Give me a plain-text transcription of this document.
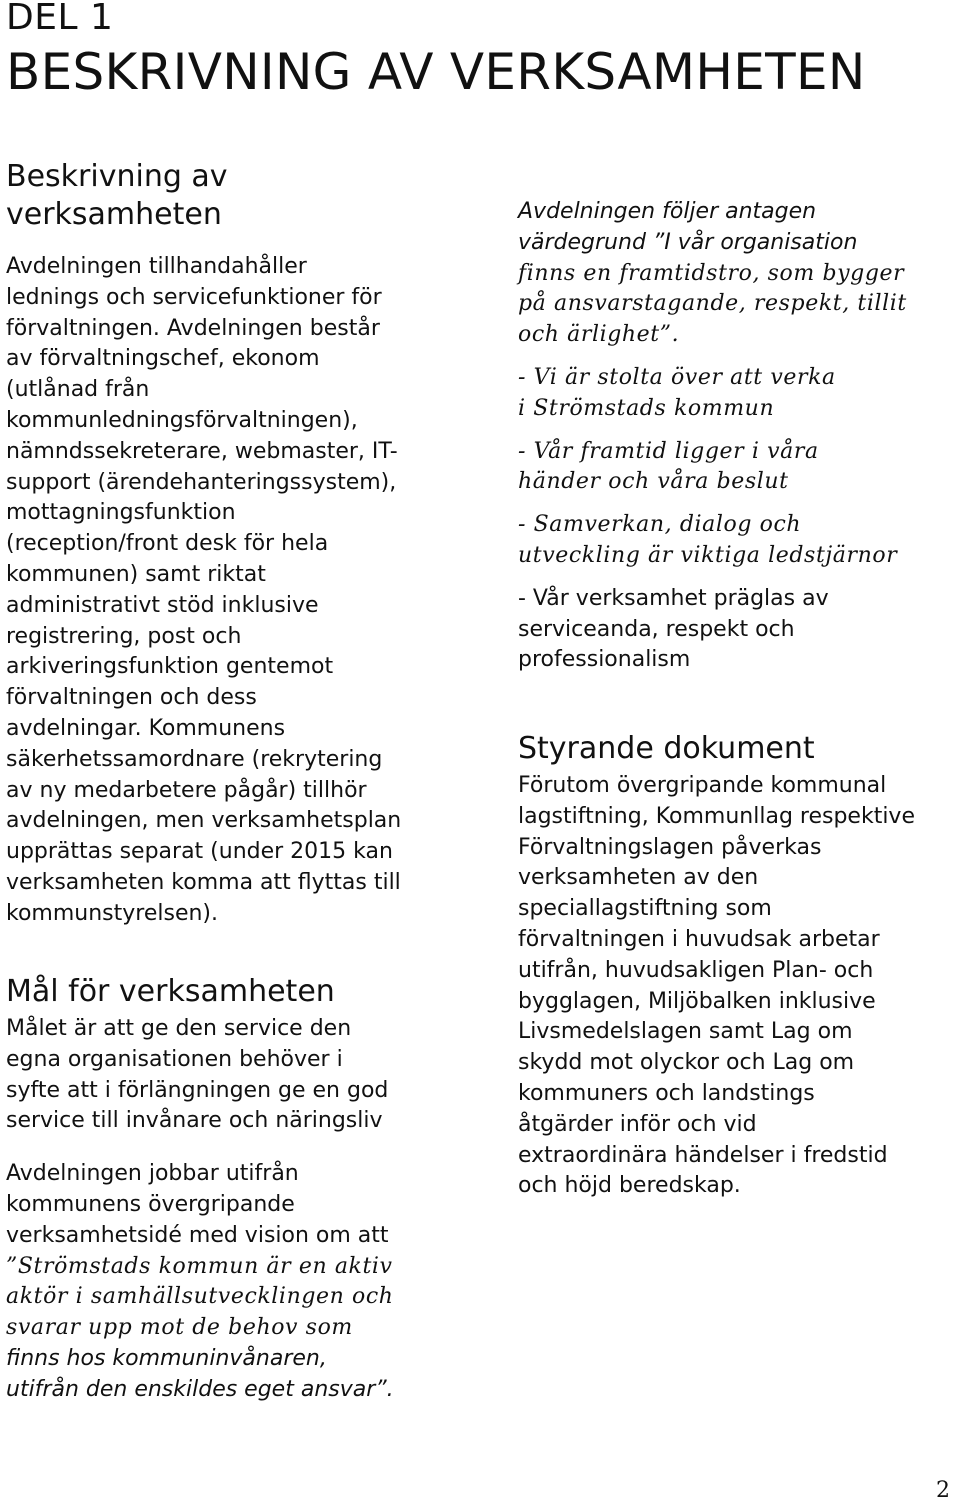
DEL 1
BESKRIVNING AV VERKSAMHETEN
Beskrivning av
verksamheten

Avdelningen tillhandahåller
lednings och servicefunktioner för
förvaltningen. Avdelningen består
av förvaltningschef, ekonom
(utlånad från
kommunledningsförvaltningen),
nämndssekreterare, webmaster, IT-
support (ärendehanteringssystem),
mottagningsfunktion
(reception/front desk för hela
kommunen) samt riktat
administrativt stöd inklusive
registrering, post och
arkiveringsfunktion gentemot
förvaltningen och dess
avdelningar. Kommunens
säkerhetssamordnare (rekrytering
av ny medarbetere pågår) tillhör
avdelningen, men verksamhetsplan
upprättas separat (under 2015 kan
verksamheten komma att flyttas till
kommunstyrelsen).

Mål för verksamheten

Målet är att ge den service den
egna organisationen behöver i
syfte att i förlängningen ge en god
service till invånare och näringsliv

Avdelningen jobbar utifrån
kommunens övergripande
verksamhetsidé med vision om att
”Strömstads kommun är en aktiv
aktör i samhällsutvecklingen och
svarar upp mot de behov som
finns hos kommuninvånaren,
utifrån den enskildes eget ansvar”.

Avdelningen följer antagen
värdegrund ”I vår organisation
finns en framtidstro, som bygger
på ansvarstagande, respekt, tillit
och ärlighet”.

- Vi är stolta över att verka
i Strömstads kommun

- Vår framtid ligger i våra
händer och våra beslut

- Samverkan, dialog och
utveckling är viktiga ledstjärnor

- Vår verksamhet präglas av
serviceanda, respekt och
professionalism

Styrande dokument

Förutom övergripande kommunal
lagstiftning, Kommunllag respektive
Förvaltningslagen påverkas
verksamheten av den
speciallagstiftning som
förvaltningen i huvudsak arbetar
utifrån, huvudsakligen Plan- och
bygglagen, Miljöbalken inklusive
Livsmedelslagen samt Lag om
skydd mot olyckor och Lag om
kommuners och landstings
åtgärder inför och vid
extraordinära händelser i fredstid
och höjd beredskap.

2
